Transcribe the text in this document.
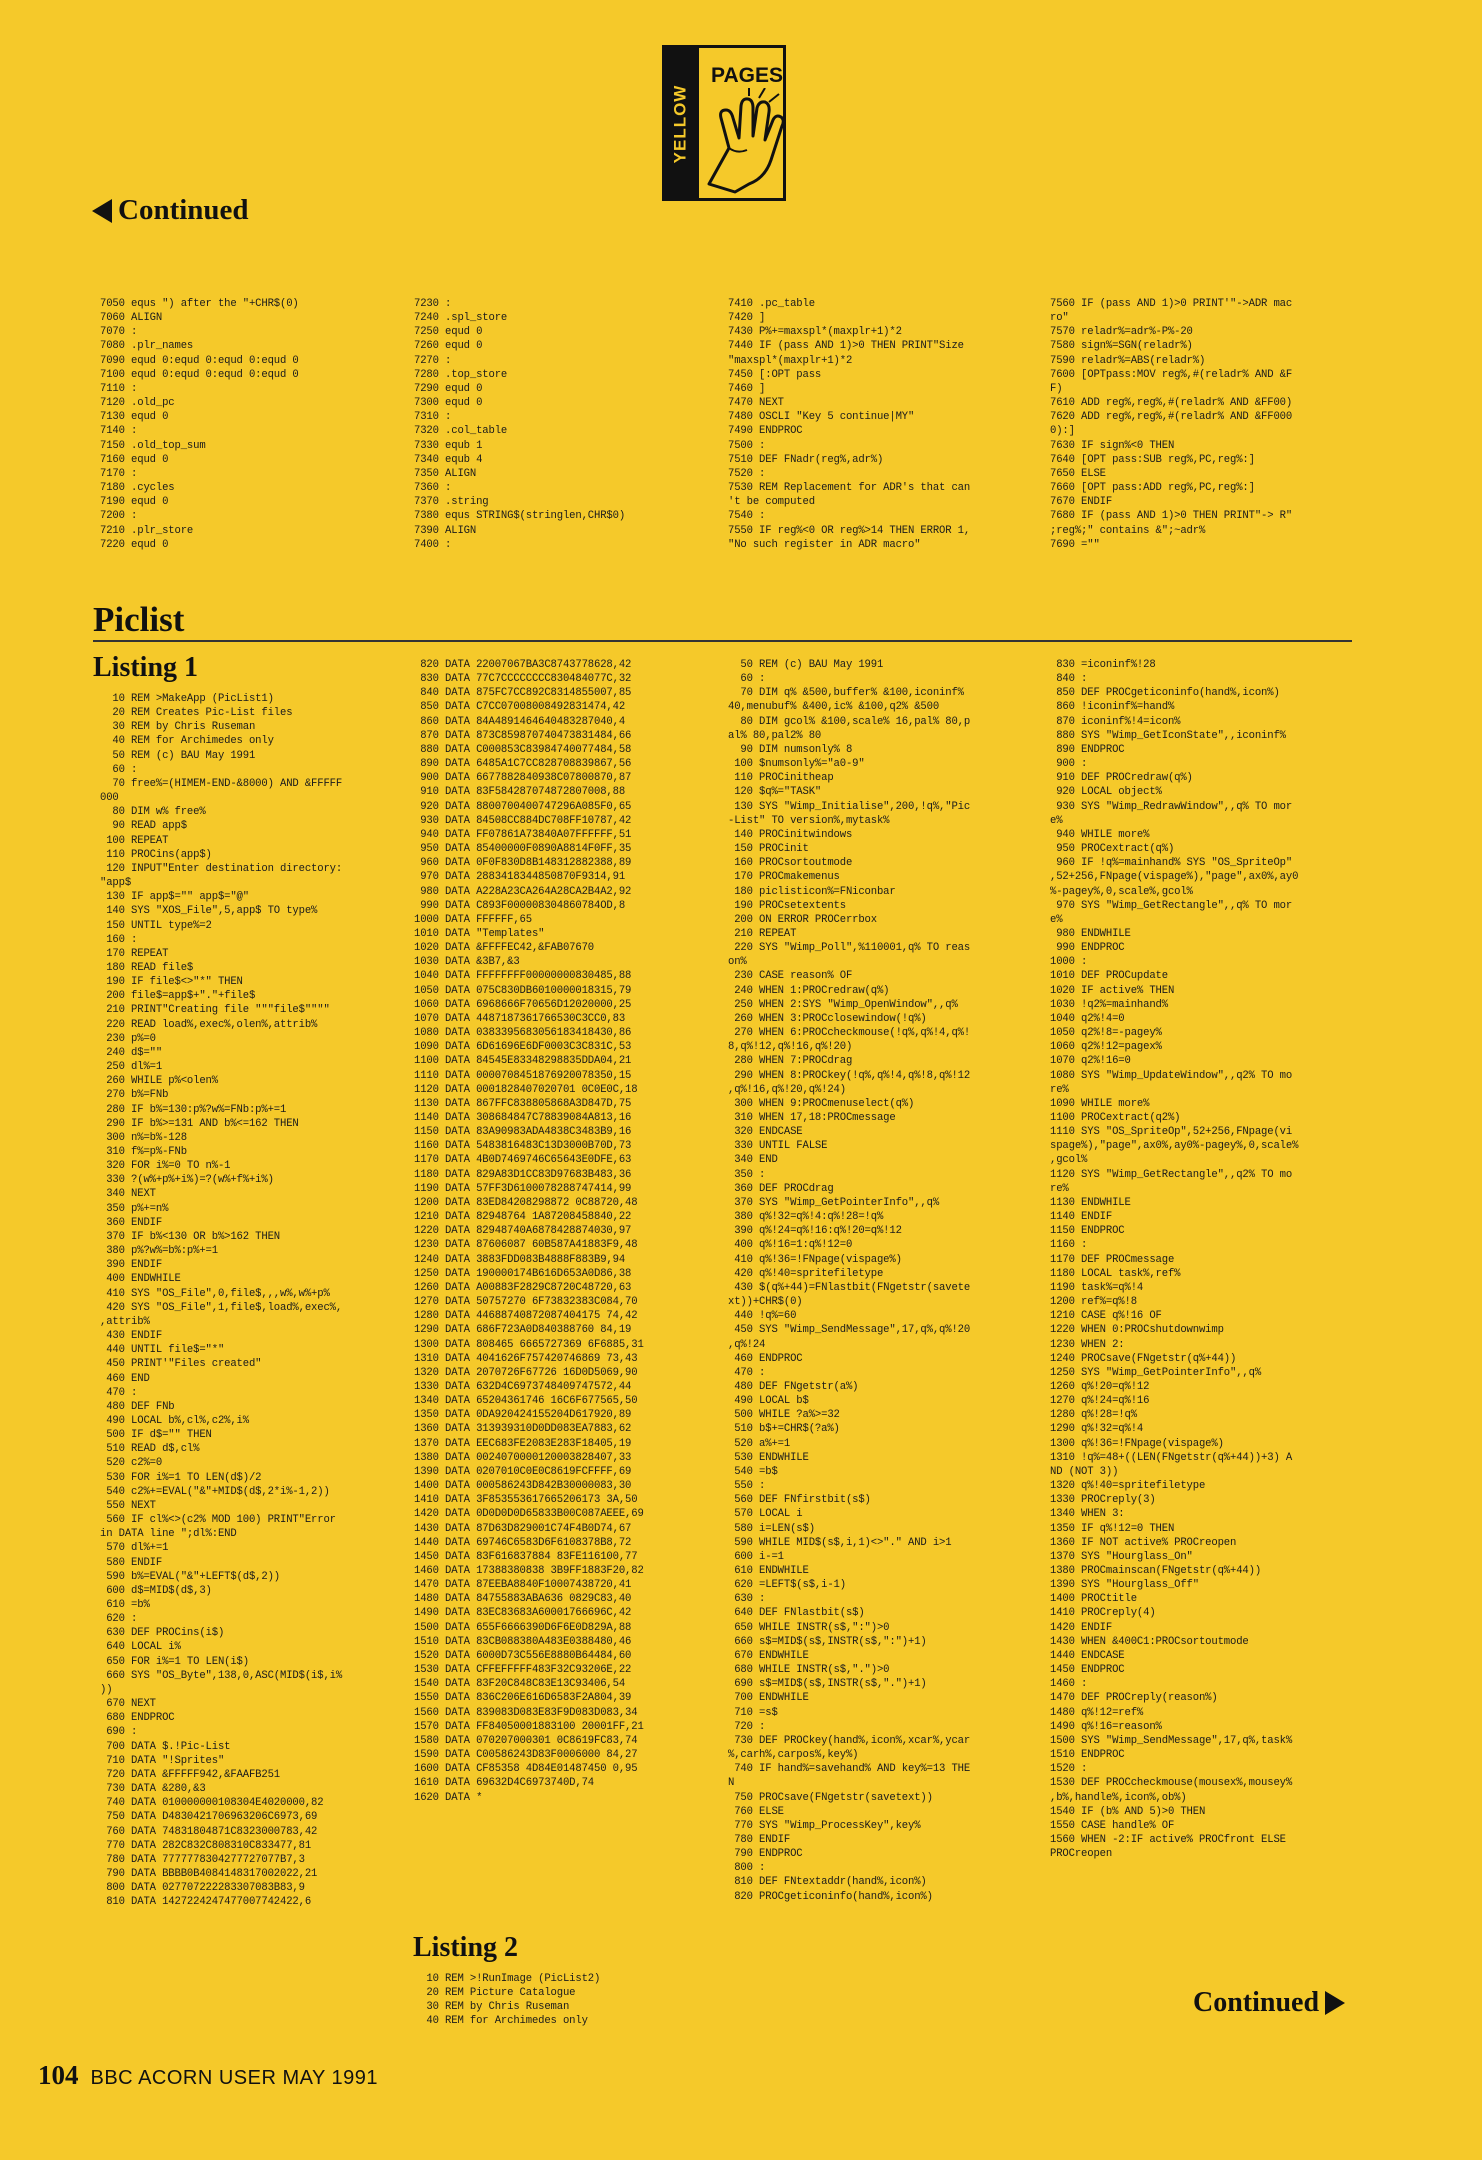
Continued
YELLOW
PAGES
7050 equs ") after the "+CHR$(0)
7060 ALIGN
7070 :
7080 .plr_names
7090 equd 0:equd 0:equd 0:equd 0
7100 equd 0:equd 0:equd 0:equd 0
7110 :
7120 .old_pc
7130 equd 0
7140 :
7150 .old_top_sum
7160 equd 0
7170 :
7180 .cycles
7190 equd 0
7200 :
7210 .plr_store
7220 equd 0
7230 :
7240 .spl_store
7250 equd 0
7260 equd 0
7270 :
7280 .top_store
7290 equd 0
7300 equd 0
7310 :
7320 .col_table
7330 equb 1
7340 equb 4
7350 ALIGN
7360 :
7370 .string
7380 equs STRING$(stringlen,CHR$0)
7390 ALIGN
7400 :
7410 .pc_table
7420 ]
7430 P%+=maxspl*(maxplr+1)*2
7440 IF (pass AND 1)>0 THEN PRINT"Size
"maxspl*(maxplr+1)*2
7450 [:OPT pass
7460 ]
7470 NEXT
7480 OSCLI "Key 5 continue|MY"
7490 ENDPROC
7500 :
7510 DEF FNadr(reg%,adr%)
7520 :
7530 REM Replacement for ADR's that can
't be computed
7540 :
7550 IF reg%<0 OR reg%>14 THEN ERROR 1,
"No such register in ADR macro"
7560 IF (pass AND 1)>0 PRINT'"->ADR mac
ro"
7570 reladr%=adr%-P%-20
7580 sign%=SGN(reladr%)
7590 reladr%=ABS(reladr%)
7600 [OPTpass:MOV reg%,#(reladr% AND &F
F)
7610 ADD reg%,reg%,#(reladr% AND &FF00)
7620 ADD reg%,reg%,#(reladr% AND &FF000
0):]
7630 IF sign%<0 THEN
7640 [OPT pass:SUB reg%,PC,reg%:]
7650 ELSE
7660 [OPT pass:ADD reg%,PC,reg%:]
7670 ENDIF
7680 IF (pass AND 1)>0 THEN PRINT"-> R"
;reg%;" contains &";~adr%
7690 =""
Piclist
Listing 1
10 REM >MakeApp (PicList1)
20 REM Creates Pic-List files
30 REM by Chris Ruseman
40 REM for Archimedes only
50 REM (c) BAU May 1991
60 :
70 free%=(HIMEM-END-&8000) AND &FFFFF
000
80 DIM w% free%
90 READ app$
100 REPEAT
110 PROCins(app$)
120 INPUT"Enter destination directory:
"app$
130 IF app$="" app$="@"
140 SYS "XOS_File",5,app$ TO type%
150 UNTIL type%=2
160 :
170 REPEAT
180 READ file$
190 IF file$<>"*" THEN
200 file$=app$+"."+file$
210 PRINT"Creating file """file$""""
220 READ load%,exec%,olen%,attrib%
230 p%=0
240 d$=""
250 dl%=1
260 WHILE p%<olen%
270 b%=FNb
280 IF b%=130:p%?w%=FNb:p%+=1
290 IF b%>=131 AND b%<=162 THEN
300 n%=b%-128
310 f%=p%-FNb
320 FOR i%=0 TO n%-1
330 ?(w%+p%+i%)=?(w%+f%+i%)
340 NEXT
350 p%+=n%
360 ENDIF
370 IF b%<130 OR b%>162 THEN
380 p%?w%=b%:p%+=1
390 ENDIF
400 ENDWHILE
410 SYS "OS_File",0,file$,,,w%,w%+p%
420 SYS "OS_File",1,file$,load%,exec%,
,attrib%
430 ENDIF
440 UNTIL file$="*"
450 PRINT'"Files created"
460 END
470 :
480 DEF FNb
490 LOCAL b%,cl%,c2%,i%
500 IF d$="" THEN
510 READ d$,cl%
520 c2%=0
530 FOR i%=1 TO LEN(d$)/2
540 c2%+=EVAL("&"+MID$(d$,2*i%-1,2))
550 NEXT
560 IF cl%<>(c2% MOD 100) PRINT"Error
in DATA line ";dl%:END
570 dl%+=1
580 ENDIF
590 b%=EVAL("&"+LEFT$(d$,2))
600 d$=MID$(d$,3)
610 =b%
620 :
630 DEF PROCins(i$)
640 LOCAL i%
650 FOR i%=1 TO LEN(i$)
660 SYS "OS_Byte",138,0,ASC(MID$(i$,i%
))
670 NEXT
680 ENDPROC
690 :
700 DATA $.!Pic-List
710 DATA "!Sprites"
720 DATA &FFFFF942,&FAAFB251
730 DATA &280,&3
740 DATA 010000000108304E4020000,82
750 DATA D4830421706963206C6973,69
760 DATA 74831804871C8323000783,42
770 DATA 282C832C808310C833477,81
780 DATA 7777778304277727077B7,3
790 DATA BBBB0B4084148317002022,21
800 DATA 027707222283307083B83,9
810 DATA 1427224247477007742422,6
820 DATA 22007067BA3C8743778628,42
830 DATA 77C7CCCCCCCC830484077C,32
840 DATA 875FC7CC892C8314855007,85
850 DATA C7CC07008008492831474,42
860 DATA 84A4891464640483287040,4
870 DATA 873C859870740473831484,66
880 DATA C000853C83984740077484,58
890 DATA 6485A1C7CC828708839867,56
900 DATA 6677882840938C07800870,87
910 DATA 83F584287074872807008,88
920 DATA 8800700400747296A085F0,65
930 DATA 84508CC884DC708FF10787,42
940 DATA FF07861A73840A07FFFFFF,51
950 DATA 85400000F0890A8814F0FF,35
960 DATA 0F0F830D8B148312882388,89
970 DATA 2883418344850870F9314,91
980 DATA A228A23CA264A28CA2B4A2,92
990 DATA C893F000008304860784OD,8
1000 DATA FFFFFF,65
1010 DATA "Templates"
1020 DATA &FFFFEC42,&FAB07670
1030 DATA &3B7,&3
1040 DATA FFFFFFFF00000000830485,88
1050 DATA 075C830DB6010000018315,79
1060 DATA 6968666F70656D12020000,25
1070 DATA 4487187361766530C3CC0,83
1080 DATA 0383395683056183418430,86
1090 DATA 6D61696E6DF0003C3C831C,53
1100 DATA 84545E83348298835DDA04,21
1110 DATA 0000708451876920078350,15
1120 DATA 0001828407020701 0C0E0C,18
1130 DATA 867FFC838805868A3D847D,75
1140 DATA 308684847C78839084A813,16
1150 DATA 83A90983ADA4838C3483B9,16
1160 DATA 5483816483C13D3000B70D,73
1170 DATA 4B0D7469746C65643E0DFE,63
1180 DATA 829A83D1CC83D97683B483,36
1190 DATA 57FF3D6100078288747414,99
1200 DATA 83ED84208298872 0C88720,48
1210 DATA 82948764 1A87208458840,22
1220 DATA 82948740A6878428874030,97
1230 DATA 87606087 60B587A41883F9,48
1240 DATA 3883FDD083B4888F883B9,94
1250 DATA 190000174B616D653A0D86,38
1260 DATA A00883F2829C8720C48720,63
1270 DATA 50757270 6F73832383C084,70
1280 DATA 44688740872087404175 74,42
1290 DATA 686F723A0D840388760 84,19
1300 DATA 808465 6665727369 6F6885,31
1310 DATA 4041626F757420746869 73,43
1320 DATA 2070726F67726 16D0D5069,90
1330 DATA 632D4C6973748409747572,44
1340 DATA 65204361746 16C6F677565,50
1350 DATA 0DA920424155204D617920,89
1360 DATA 313939310D0DD083EA7883,62
1370 DATA EEC683FE2083E283F18405,19
1380 DATA 0024070000120003828407,33
1390 DATA 0207010C0E0C8619FCFFFF,69
1400 DATA 000586243D842B30000083,30
1410 DATA 3F853553617665206173 3A,50
1420 DATA 0D0D0D0D65833B00C087AEEE,69
1430 DATA 87D63D829001C74F4B0D74,67
1440 DATA 69746C6583D6F6108378B8,72
1450 DATA 83F616837884 83FE116100,77
1460 DATA 17388380838 3B9FF1883F20,82
1470 DATA 87EEBA8840F10007438720,41
1480 DATA 84755883ABA636 0829C83,40
1490 DATA 83EC83683A60001766696C,42
1500 DATA 655F6666390D6F6E0D829A,88
1510 DATA 83CB088380A483E0388480,46
1520 DATA 6000D73C556E8880B64484,60
1530 DATA CFFEFFFFF483F32C93206E,22
1540 DATA 83F20C848C83E13C93406,54
1550 DATA 836C206E616D6583F2A804,39
1560 DATA 839083D083E83F9D083D083,34
1570 DATA FF84050001883100 20001FF,21
1580 DATA 070207000301 0C8619FC83,74
1590 DATA C00586243D83F0006000 84,27
1600 DATA CF85358 4D84E01487450 0,95
1610 DATA 69632D4C6973740D,74
1620 DATA *
50 REM (c) BAU May 1991
60 :
70 DIM q% &500,buffer% &100,iconinf%
40,menubuf% &400,ic% &100,q2% &500
80 DIM gcol% &100,scale% 16,pal% 80,p
al% 80,pal2% 80
90 DIM numsonly% 8
100 $numsonly%="a0-9"
110 PROCinitheap
120 $q%="TASK"
130 SYS "Wimp_Initialise",200,!q%,"Pic
-List" TO version%,mytask%
140 PROCinitwindows
150 PROCinit
160 PROCsortoutmode
170 PROCmakemenus
180 piclisticon%=FNiconbar
190 PROCsetextents
200 ON ERROR PROCerrbox
210 REPEAT
220 SYS "Wimp_Poll",%110001,q% TO reas
on%
230 CASE reason% OF
240 WHEN 1:PROCredraw(q%)
250 WHEN 2:SYS "Wimp_OpenWindow",,q%
260 WHEN 3:PROCclosewindow(!q%)
270 WHEN 6:PROCcheckmouse(!q%,q%!4,q%!
8,q%!12,q%!16,q%!20)
280 WHEN 7:PROCdrag
290 WHEN 8:PROCkey(!q%,q%!4,q%!8,q%!12
,q%!16,q%!20,q%!24)
300 WHEN 9:PROCmenuselect(q%)
310 WHEN 17,18:PROCmessage
320 ENDCASE
330 UNTIL FALSE
340 END
350 :
360 DEF PROCdrag
370 SYS "Wimp_GetPointerInfo",,q%
380 q%!32=q%!4:q%!28=!q%
390 q%!24=q%!16:q%!20=q%!12
400 q%!16=1:q%!12=0
410 q%!36=!FNpage(vispage%)
420 q%!40=spritefiletype
430 $(q%+44)=FNlastbit(FNgetstr(savete
xt))+CHR$(0)
440 !q%=60
450 SYS "Wimp_SendMessage",17,q%,q%!20
,q%!24
460 ENDPROC
470 :
480 DEF FNgetstr(a%)
490 LOCAL b$
500 WHILE ?a%>=32
510 b$+=CHR$(?a%)
520 a%+=1
530 ENDWHILE
540 =b$
550 :
560 DEF FNfirstbit(s$)
570 LOCAL i
580 i=LEN(s$)
590 WHILE MID$(s$,i,1)<>"." AND i>1
600 i-=1
610 ENDWHILE
620 =LEFT$(s$,i-1)
630 :
640 DEF FNlastbit(s$)
650 WHILE INSTR(s$,":")>0
660 s$=MID$(s$,INSTR(s$,":")+1)
670 ENDWHILE
680 WHILE INSTR(s$,".")>0
690 s$=MID$(s$,INSTR(s$,".")+1)
700 ENDWHILE
710 =s$
720 :
730 DEF PROCkey(hand%,icon%,xcar%,ycar
%,carh%,carpos%,key%)
740 IF hand%=savehand% AND key%=13 THE
N
750 PROCsave(FNgetstr(savetext))
760 ELSE
770 SYS "Wimp_ProcessKey",key%
780 ENDIF
790 ENDPROC
800 :
810 DEF FNtextaddr(hand%,icon%)
820 PROCgeticoninfo(hand%,icon%)
830 =iconinf%!28
840 :
850 DEF PROCgeticoninfo(hand%,icon%)
860 !iconinf%=hand%
870 iconinf%!4=icon%
880 SYS "Wimp_GetIconState",,iconinf%
890 ENDPROC
900 :
910 DEF PROCredraw(q%)
920 LOCAL object%
930 SYS "Wimp_RedrawWindow",,q% TO mor
e%
940 WHILE more%
950 PROCextract(q%)
960 IF !q%=mainhand% SYS "OS_SpriteOp"
,52+256,FNpage(vispage%),"page",ax0%,ay0
%-pagey%,0,scale%,gcol%
970 SYS "Wimp_GetRectangle",,q% TO mor
e%
980 ENDWHILE
990 ENDPROC
1000 :
1010 DEF PROCupdate
1020 IF active% THEN
1030 !q2%=mainhand%
1040 q2%!4=0
1050 q2%!8=-pagey%
1060 q2%!12=pagex%
1070 q2%!16=0
1080 SYS "Wimp_UpdateWindow",,q2% TO mo
re%
1090 WHILE more%
1100 PROCextract(q2%)
1110 SYS "OS_SpriteOp",52+256,FNpage(vi
spage%),"page",ax0%,ay0%-pagey%,0,scale%
,gcol%
1120 SYS "Wimp_GetRectangle",,q2% TO mo
re%
1130 ENDWHILE
1140 ENDIF
1150 ENDPROC
1160 :
1170 DEF PROCmessage
1180 LOCAL task%,ref%
1190 task%=q%!4
1200 ref%=q%!8
1210 CASE q%!16 OF
1220 WHEN 0:PROCshutdownwimp
1230 WHEN 2:
1240 PROCsave(FNgetstr(q%+44))
1250 SYS "Wimp_GetPointerInfo",,q%
1260 q%!20=q%!12
1270 q%!24=q%!16
1280 q%!28=!q%
1290 q%!32=q%!4
1300 q%!36=!FNpage(vispage%)
1310 !q%=48+((LEN(FNgetstr(q%+44))+3) A
ND (NOT 3))
1320 q%!40=spritefiletype
1330 PROCreply(3)
1340 WHEN 3:
1350 IF q%!12=0 THEN
1360 IF NOT active% PROCreopen
1370 SYS "Hourglass_On"
1380 PROCmainscan(FNgetstr(q%+44))
1390 SYS "Hourglass_Off"
1400 PROCtitle
1410 PROCreply(4)
1420 ENDIF
1430 WHEN &400C1:PROCsortoutmode
1440 ENDCASE
1450 ENDPROC
1460 :
1470 DEF PROCreply(reason%)
1480 q%!12=ref%
1490 q%!16=reason%
1500 SYS "Wimp_SendMessage",17,q%,task%
1510 ENDPROC
1520 :
1530 DEF PROCcheckmouse(mousex%,mousey%
,b%,handle%,icon%,ob%)
1540 IF (b% AND 5)>0 THEN
1550 CASE handle% OF
1560 WHEN -2:IF active% PROCfront ELSE
PROCreopen
Listing 2
10 REM >!RunImage (PicList2)
20 REM Picture Catalogue
30 REM by Chris Ruseman
40 REM for Archimedes only
Continued
104 BBC ACORN USER MAY 1991
